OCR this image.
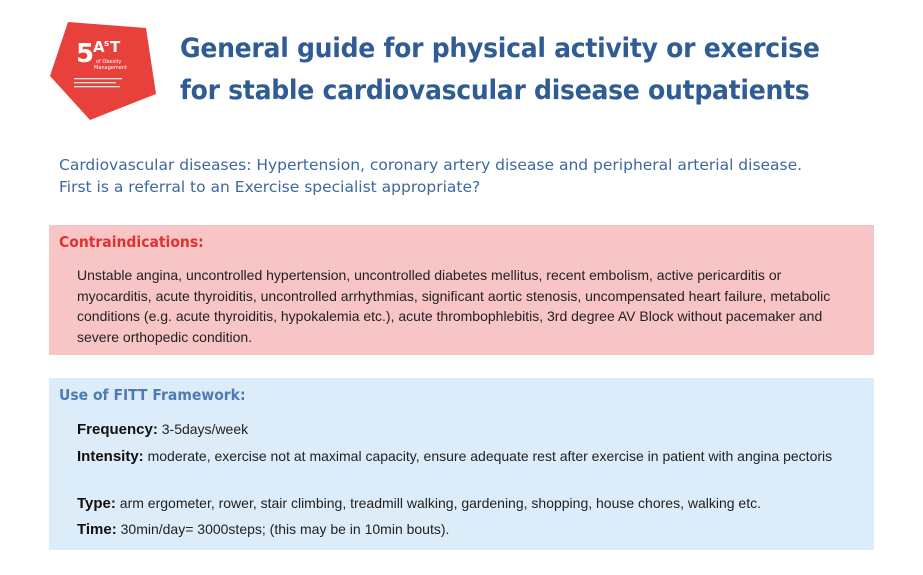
5
A s T
of Obesity
Management
General guide for physical activity or exercise for stable cardiovascular disease outpatients
Cardiovascular diseases: Hypertension, coronary artery disease and peripheral arterial disease.
First is a referral to an Exercise specialist appropriate?
Contraindications:
Unstable angina, uncontrolled hypertension, uncontrolled diabetes mellitus, recent embolism, active pericarditis or myocarditis, acute thyroiditis, uncontrolled arrhythmias, significant aortic stenosis, uncompensated heart failure, metabolic conditions (e.g. acute thyroiditis, hypokalemia etc.), acute thrombophlebitis, 3rd degree AV Block without pacemaker and severe orthopedic condition.
Use of FITT Framework:
Frequency: 3-5days/week
Intensity: moderate, exercise not at maximal capacity, ensure adequate rest after exercise in patient with angina pectoris
Type: arm ergometer, rower, stair climbing, treadmill walking, gardening, shopping, house chores, walking etc.
Time: 30min/day= 3000steps; (this may be in 10min bouts).
